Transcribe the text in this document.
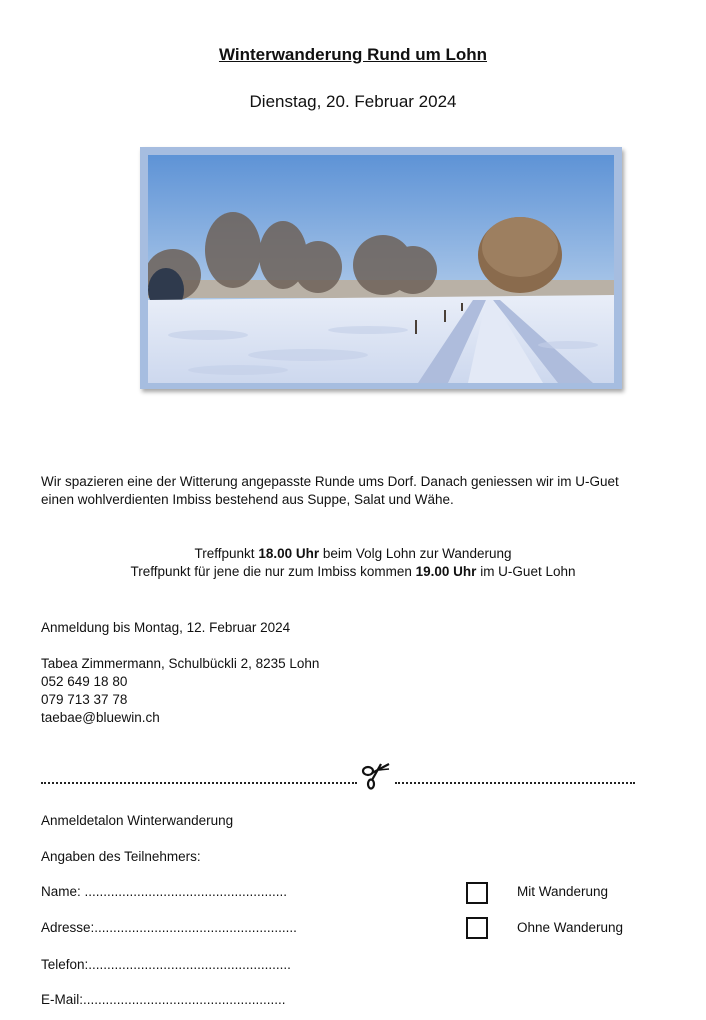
Winterwanderung Rund um Lohn
Dienstag, 20. Februar 2024
Wir spazieren eine der Witterung angepasste Runde ums Dorf. Danach geniessen wir im U-Guet
einen wohlverdienten Imbiss bestehend aus Suppe, Salat und Wähe.
Treffpunkt 18.00 Uhr beim Volg Lohn zur Wanderung
Treffpunkt für jene die nur zum Imbiss kommen 19.00 Uhr im U-Guet Lohn
Anmeldung bis Montag, 12. Februar 2024
Tabea Zimmermann, Schulbückli 2, 8235 Lohn
052 649 18 80
079 713 37 78
taebae@bluewin.ch
Anmeldetalon Winterwanderung
Angaben des Teilnehmers:
Name: ......................................................
Adresse:......................................................
Telefon:......................................................
E-Mail:......................................................
Mit Wanderung
Ohne Wanderung
